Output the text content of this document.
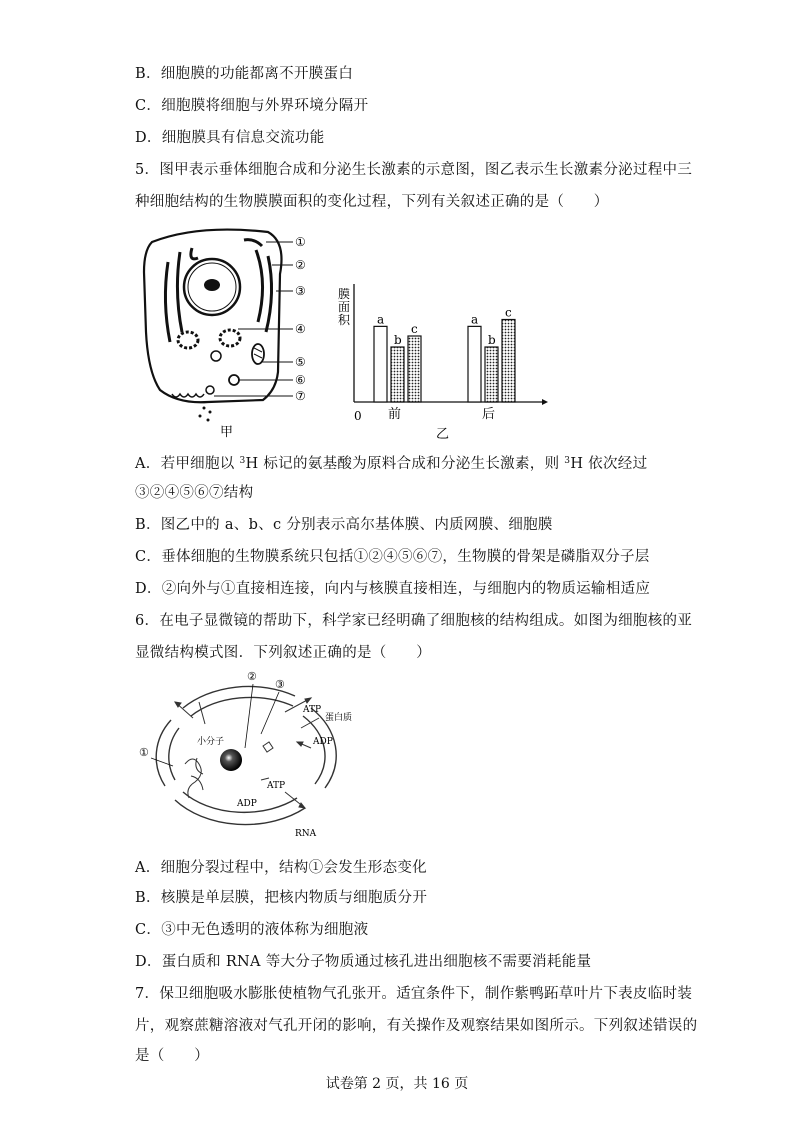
B．细胞膜的功能都离不开膜蛋白
C．细胞膜将细胞与外界环境分隔开
D．细胞膜具有信息交流功能
5．图甲表示垂体细胞合成和分泌生长激素的示意图，图乙表示生长激素分泌过程中三
种细胞结构的生物膜膜面积的变化过程，下列有关叙述正确的是（　　）
①
②
③
④
⑤
⑥
⑦
甲
膜
面
积
0
a
b
c
a
b
c
前	后
乙
A．若甲细胞以 $^3$H 标记的氨基酸为原料合成和分泌生长激素，则 $^3$H 依次经过
③②④⑤⑥⑦结构
B．图乙中的 a、b、c 分别表示高尔基体膜、内质网膜、细胞膜
C．垂体细胞的生物膜系统只包括①②④⑤⑥⑦，生物膜的骨架是磷脂双分子层
D．②向外与①直接相连接，向内与核膜直接相连，与细胞内的物质运输相适应
6．在电子显微镜的帮助下，科学家已经明确了细胞核的结构组成。如图为细胞核的亚
显微结构模式图．下列叙述正确的是（　　）
①
②
③
ATP
蛋白质
ADP
小分子
ATP
ADP
RNA
A．细胞分裂过程中，结构①会发生形态变化
B．核膜是单层膜，把核内物质与细胞质分开
C．③中无色透明的液体称为细胞液
D．蛋白质和 RNA 等大分子物质通过核孔进出细胞核不需要消耗能量
7．保卫细胞吸水膨胀使植物气孔张开。适宜条件下，制作紫鸭跖草叶片下表皮临时装
片，观察蔗糖溶液对气孔开闭的影响，有关操作及观察结果如图所示。下列叙述错误的
是（　　）
试卷第 2 页，共 16 页
